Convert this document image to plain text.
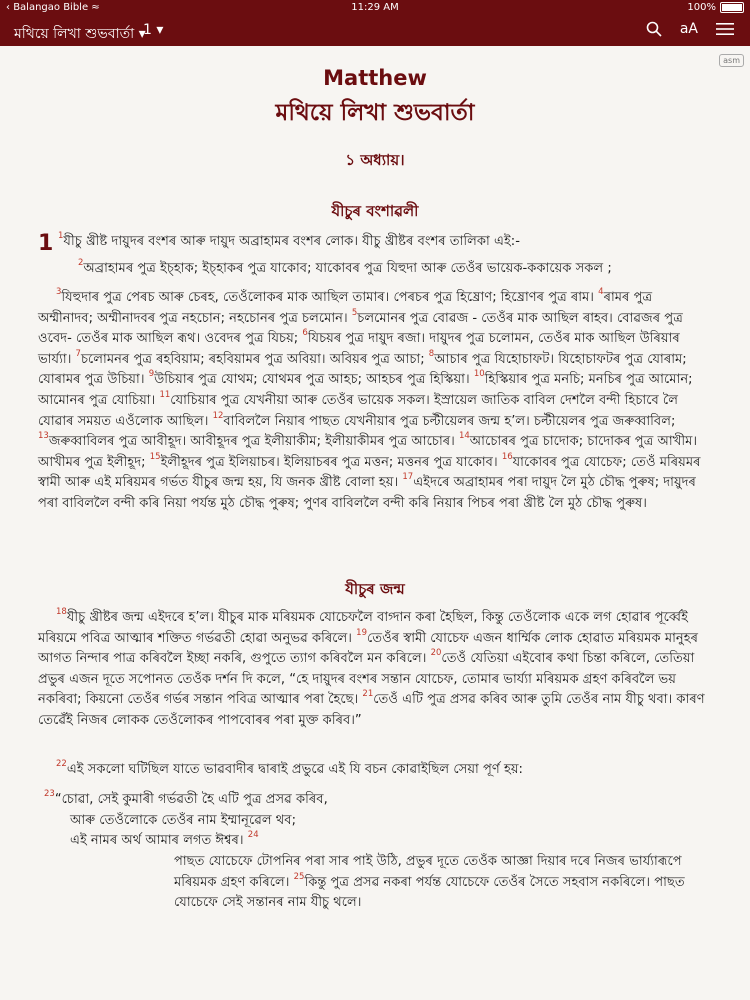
‹ Balangao Bible ≈	11:29 AM	100%
মথিয়ে লিখা শুভবাৰ্তা ▾
1 ▾	aA
asm
Matthew
মথিয়ে লিখা শুভবাৰ্তা
১ অধ্যায়।
যীচুৰ বংশাৱলী
1 $^1$যীচু খ্ৰীষ্ট দায়ুদৰ বংশৰ আৰু দায়ুদ অব্ৰাহামৰ বংশৰ লোক। যীচু খ্ৰীষ্টৰ বংশৰ তালিকা এই:-
$^2$অব্ৰাহামৰ পুত্ৰ ইচ্হাক; ইচ্হাকৰ পুত্ৰ যাকোব; যাকোবৰ পুত্ৰ যিহুদা আৰু তেওঁৰ ভায়েক-ককায়েক সকল ;
$^3$যিহুদাৰ পুত্ৰ পেৰচ আৰু চেৰহ, তেওঁলোকৰ মাক আছিল তামাৰ। পেৰচৰ পুত্ৰ হিষ্ৰোণ; হিষ্ৰোণৰ পুত্ৰ ৰাম। $^4$ৰামৰ পুত্ৰ অম্মীনাদব; অম্মীনাদবৰ পুত্ৰ নহচোন; নহচোনৰ পুত্ৰ চলমোন। $^5$চলমোনৰ পুত্ৰ বোৱজ - তেওঁৰ মাক আছিল ৰাহব। বোৱজৰ পুত্ৰ ওবেদ- তেওঁৰ মাক আছিল ৰূথ। ওবেদৰ পুত্ৰ যিচয়; $^6$যিচয়ৰ পুত্ৰ দায়ুদ ৰজা। দায়ুদৰ পুত্ৰ চলোমন, তেওঁৰ মাক আছিল উৰিয়াৰ ভাৰ্য্যা। $^7$চলোমনৰ পুত্ৰ ৰহবিয়াম; ৰহবিয়ামৰ পুত্ৰ অবিয়া। অবিয়ৰ পুত্ৰ আচা; $^8$আচাৰ পুত্ৰ যিহোচাফট। যিহোচাফটৰ পুত্ৰ যোৰাম; যোৰামৰ পুত্ৰ উচিয়া। $^9$উচিয়াৰ পুত্ৰ যোথম; যোথমৰ পুত্ৰ আহচ; আহচৰ পুত্ৰ হিস্কিয়া। $^{10}$হিস্কিয়াৰ পুত্ৰ মনচি; মনচিৰ পুত্ৰ আমোন; আমোনৰ পুত্ৰ যোচিয়া। $^{11}$যোচিয়াৰ পুত্ৰ যেখনীয়া আৰু তেওঁৰ ভায়েক সকল। ইস্ৰায়েল জাতিক বাবিল দেশলৈ বন্দী হিচাবে লৈ যোৱাৰ সময়ত এওঁলোক আছিল। $^{12}$বাবিললৈ নিয়াৰ পাছত যেখনীয়াৰ পুত্ৰ চল্টীয়েলৰ জন্ম হ’ল। চল্টীয়েলৰ পুত্ৰ জৰুব্বাবিল; $^{13}$জৰুব্বাবিলৰ পুত্ৰ আবীহূদ। আবীহূদৰ পুত্ৰ ইলীয়াকীম; ইলীয়াকীমৰ পুত্ৰ আচোৰ। $^{14}$আচোৰৰ পুত্ৰ চাদোক; চাদোকৰ পুত্ৰ আখীম। আখীমৰ পুত্ৰ ইলীহূদ; $^{15}$ইলীহূদৰ পুত্ৰ ইলিয়াচৰ। ইলিয়াচৰৰ পুত্ৰ মত্তন; মত্তনৰ পুত্ৰ যাকোব। $^{16}$যাকোবৰ পুত্ৰ যোচেফ; তেওঁ মৰিয়মৰ স্বামী আৰু এই মৰিয়মৰ গৰ্ভত যীচুৰ জন্ম হয়, যি জনক খ্ৰীষ্ট বোলা হয়। $^{17}$এইদৰে অব্ৰাহামৰ পৰা দায়ুদ লৈ মুঠ চৌদ্ধ পুৰুষ; দায়ুদৰ পৰা বাবিললৈ বন্দী কৰি নিয়া পৰ্যন্ত মুঠ চৌদ্ধ পুৰুষ; পুণৰ বাবিললৈ বন্দী কৰি নিয়াৰ পিচৰ পৰা খ্ৰীষ্ট লৈ মুঠ চৌদ্ধ পুৰুষ।
যীচুৰ জন্ম
$^{18}$যীচু খ্ৰীষ্টৰ জন্ম এইদৰে হ’ল। যীচুৰ মাক মৰিয়মক যোচেফলৈ বাগ্দান কৰা হৈছিল, কিন্তু তেওঁলোক একে লগ হোৱাৰ পূৰ্ব্বেই মৰিয়মে পবিত্ৰ আত্মাৰ শক্তিত গৰ্ভৱতী হোৱা অনুভৱ কৰিলে। $^{19}$তেওঁৰ স্বামী যোচেফ এজন ধাৰ্ম্মিক লোক হোৱাত মৰিয়মক মানুহৰ আগত নিন্দাৰ পাত্ৰ কৰিবলৈ ইচ্ছা নকৰি, গুপুতে ত্যাগ কৰিবলৈ মন কৰিলে। $^{20}$তেওঁ যেতিয়া এইবোৰ কথা চিন্তা কৰিলে, তেতিয়া প্ৰভুৰ এজন দূতে সপোনত তেওঁক দৰ্শন দি কলে, “হে দায়ুদৰ বংশৰ সন্তান যোচেফ, তোমাৰ ভাৰ্য্যা মৰিয়মক গ্ৰহণ কৰিবলৈ ভয় নকৰিবা; কিয়নো তেওঁৰ গৰ্ভৰ সন্তান পবিত্ৰ আত্মাৰ পৰা হৈছে। $^{21}$তেওঁ এটি পুত্ৰ প্ৰসৱ কৰিব আৰু তুমি তেওঁৰ নাম যীচু থবা। কাৰণ তেৱেঁই নিজৰ লোকক তেওঁলোকৰ পাপবোৰৰ পৰা মুক্ত কৰিব।”
$^{22}$এই সকলো ঘটিছিল যাতে ভাৱবাদীৰ দ্বাৰাই প্ৰভুৱে এই যি বচন কোৱাইছিল সেয়া পূৰ্ণ হয়:
$^{23}$“চোৱা, সেই কুমাৰী গৰ্ভৱতী হৈ এটি পুত্ৰ প্ৰসৱ কৰিব,
আৰু তেওঁলোকে তেওঁৰ নাম ইম্মানূৱেল থব;
এই নামৰ অৰ্থ আমাৰ লগত ঈশ্বৰ। $^{24}$
পাছত যোচেফে টোপনিৰ পৰা সাৰ পাই উঠি, প্ৰভুৰ দূতে তেওঁক আজ্ঞা দিয়াৰ দৰে নিজৰ ভাৰ্য্যাৰূপে মৰিয়মক গ্ৰহণ কৰিলে। $^{25}$কিন্তু পুত্ৰ প্ৰসৱ নকৰা পৰ্যন্ত যোচেফে তেওঁৰ সৈতে সহবাস নকৰিলে। পাছত যোচেফে সেই সন্তানৰ নাম যীচু থলে।
